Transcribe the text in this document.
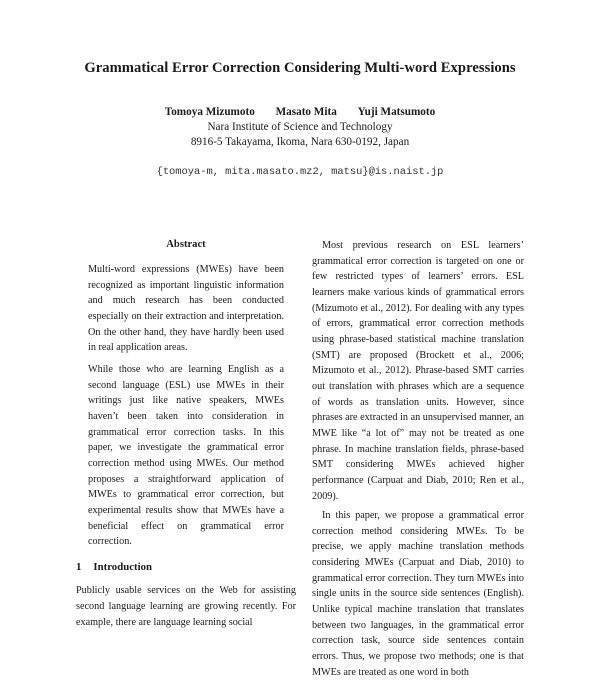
Grammatical Error Correction Considering Multi-word Expressions
Tomoya Mizumoto Masato Mita Yuji Matsumoto
Nara Institute of Science and Technology
8916-5 Takayama, Ikoma, Nara 630-0192, Japan
{tomoya-m, mita.masato.mz2, matsu}@is.naist.jp
Abstract

Multi-word expressions (MWEs) have been recognized as important linguistic information and much research has been conducted especially on their extraction and interpretation. On the other hand, they have hardly been used in real application areas.

While those who are learning English as a second language (ESL) use MWEs in their writings just like native speakers, MWEs haven’t been taken into consideration in grammatical error correction tasks. In this paper, we investigate the grammatical error correction method using MWEs. Our method proposes a straightforward application of MWEs to grammatical error correction, but experimental results show that MWEs have a beneficial effect on grammatical error correction.

1 Introduction

Publicly usable services on the Web for assisting second language learning are growing recently. For example, there are language learning social

Most previous research on ESL learners’ grammatical error correction is targeted on one or few restricted types of learners’ errors. ESL learners make various kinds of grammatical errors (Mizumoto et al., 2012). For dealing with any types of errors, grammatical error correction methods using phrase-based statistical machine translation (SMT) are proposed (Brockett et al., 2006; Mizumoto et al., 2012). Phrase-based SMT carries out translation with phrases which are a sequence of words as translation units. However, since phrases are extracted in an unsupervised manner, an MWE like “a lot of” may not be treated as one phrase. In machine translation fields, phrase-based SMT considering MWEs achieved higher performance (Carpuat and Diab, 2010; Ren et al., 2009).

In this paper, we propose a grammatical error correction method considering MWEs. To be precise, we apply machine translation methods considering MWEs (Carpuat and Diab, 2010) to grammatical error correction. They turn MWEs into single units in the source side sentences (English). Unlike typical machine translation that translates between two languages, in the grammatical error correction task, source side sentences contain errors. Thus, we propose two methods; one is that MWEs are treated as one word in both
